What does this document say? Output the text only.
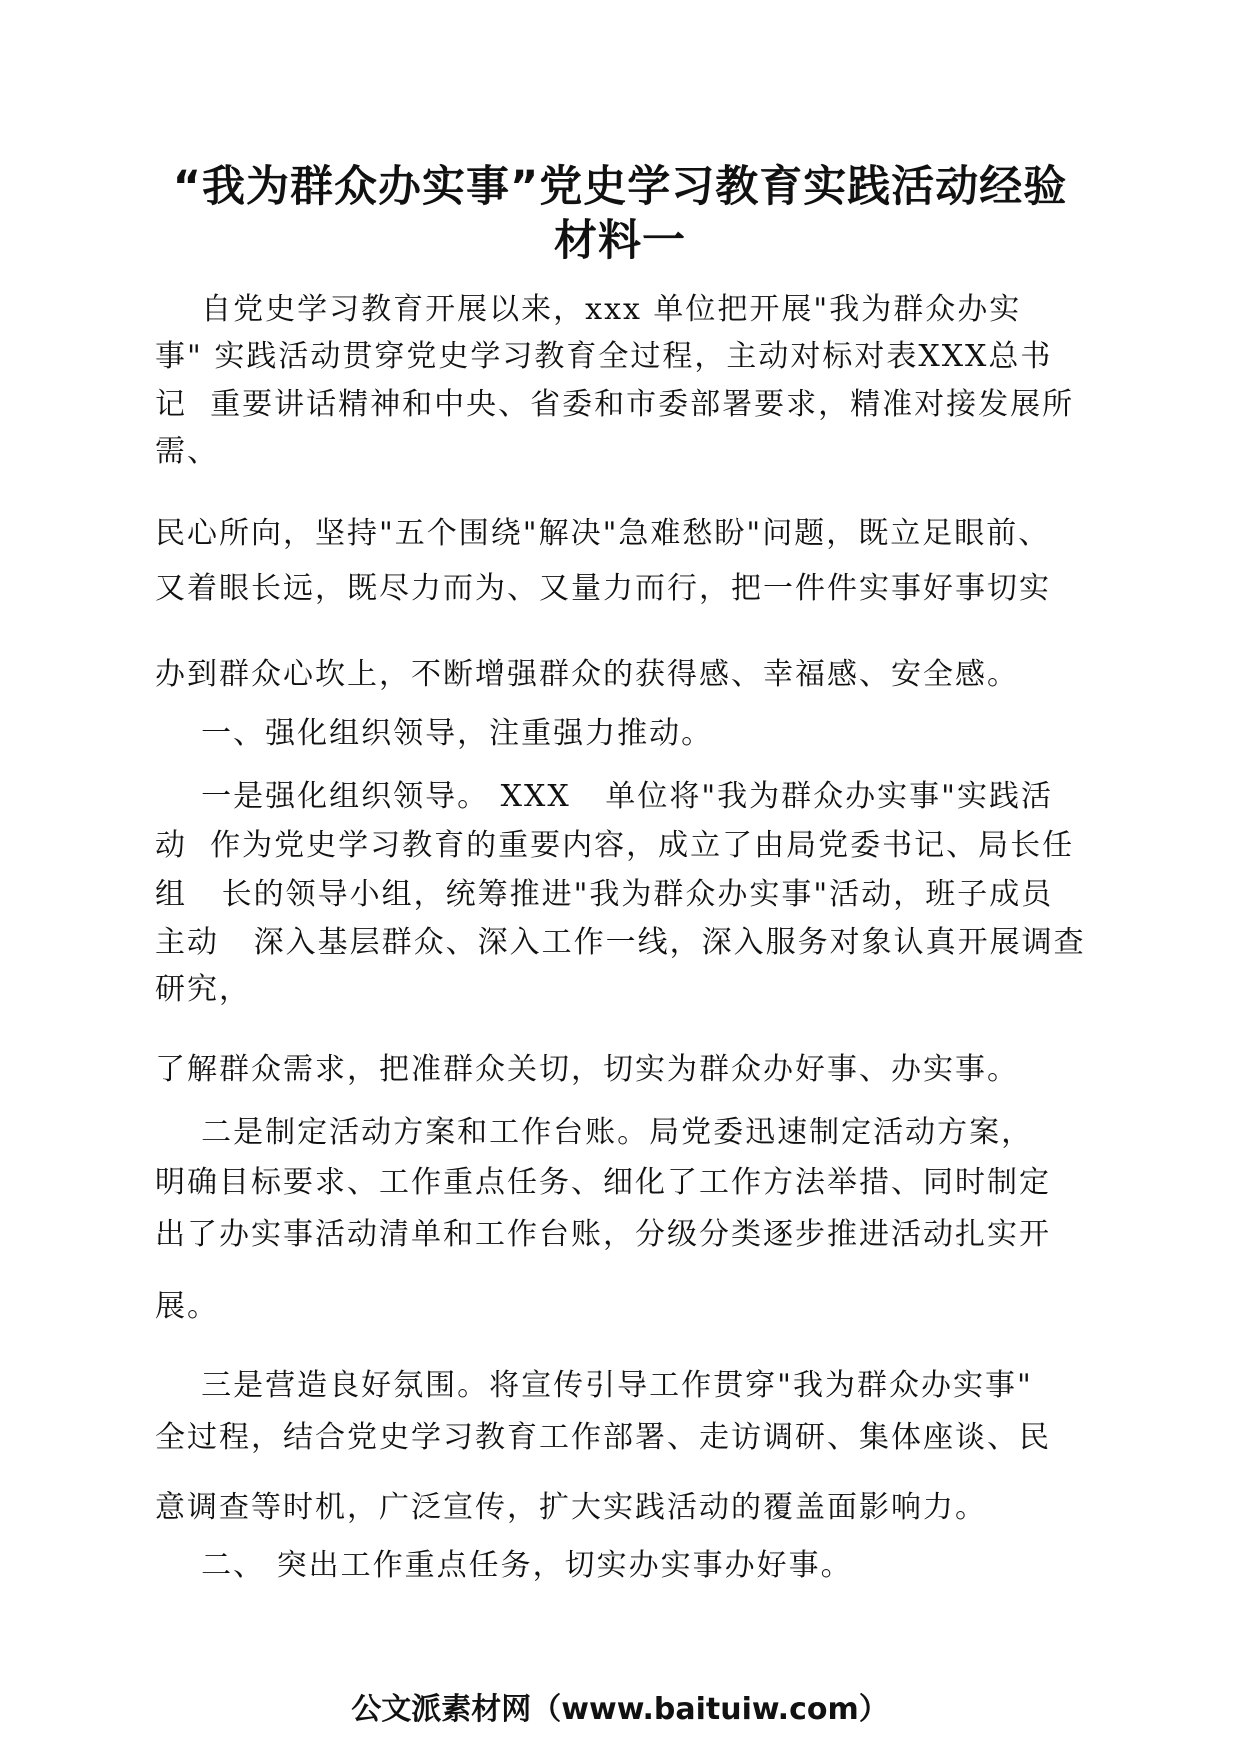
“我为群众办实事”党史学习教育实践活动经验
材料一
自党史学习教育开展以来，xxx 单位把开展"我为群众办实
事" 实践活动贯穿党史学习教育全过程，主动对标对表XXX总书
记  重要讲话精神和中央、省委和市委部署要求，精准对接发展所
需、
民心所向，坚持"五个围绕"解决"急难愁盼"问题，既立足眼前、
又着眼长远，既尽力而为、又量力而行，把一件件实事好事切实
办到群众心坎上，不断增强群众的获得感、幸福感、安全感。
一、强化组织领导，注重强力推动。
一是强化组织领导。 XXX   单位将"我为群众办实事"实践活
动  作为党史学习教育的重要内容，成立了由局党委书记、局长任
组   长的领导小组，统筹推进"我为群众办实事"活动，班子成员
主动   深入基层群众、深入工作一线，深入服务对象认真开展调查
研究，
了解群众需求，把准群众关切，切实为群众办好事、办实事。
二是制定活动方案和工作台账。局党委迅速制定活动方案，
明确目标要求、工作重点任务、细化了工作方法举措、同时制定
出了办实事活动清单和工作台账，分级分类逐步推进活动扎实开
展。
三是营造良好氛围。将宣传引导工作贯穿"我为群众办实事"
全过程，结合党史学习教育工作部署、走访调研、集体座谈、民
意调查等时机，广泛宣传，扩大实践活动的覆盖面影响力。
二、 突出工作重点任务，切实办实事办好事。
公文派素材网（www.baituiw.com）
